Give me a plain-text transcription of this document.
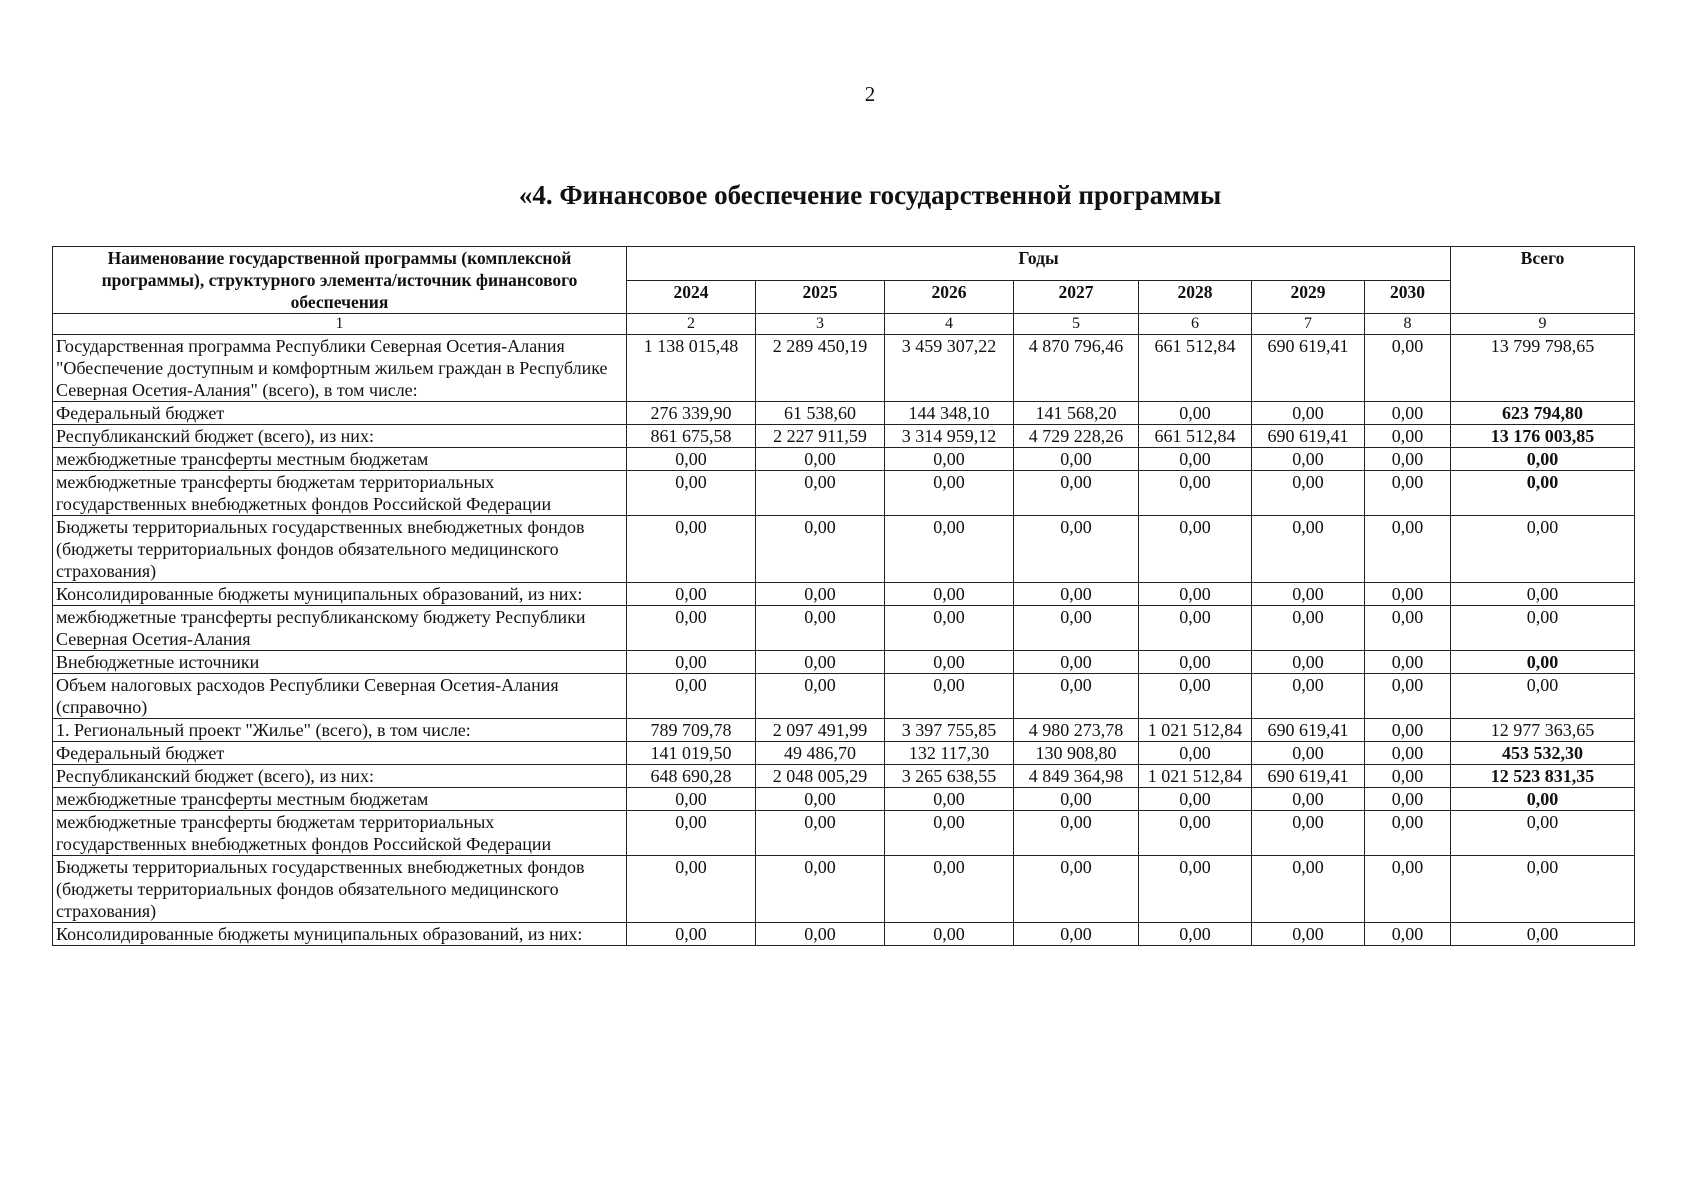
2
«4. Финансовое обеспечение государственной программы
Наименование государственной программы (комплексной программы), структурного элемента/источник финансового обеспечения	Годы							Всего
	2024	2025	2026	2027	2028	2029	2030	
1	2	3	4	5	6	7	8	9
Государственная программа Республики Северная Осетия-Алания "Обеспечение доступным и комфортным жильем граждан в Республике Северная Осетия-Алания" (всего), в том числе:	1 138 015,48	2 289 450,19	3 459 307,22	4 870 796,46	661 512,84	690 619,41	0,00	13 799 798,65
Федеральный бюджет	276 339,90	61 538,60	144 348,10	141 568,20	0,00	0,00	0,00	623 794,80
Республиканский бюджет (всего), из них:	861 675,58	2 227 911,59	3 314 959,12	4 729 228,26	661 512,84	690 619,41	0,00	13 176 003,85
межбюджетные трансферты местным бюджетам	0,00	0,00	0,00	0,00	0,00	0,00	0,00	0,00
межбюджетные трансферты бюджетам территориальных государственных внебюджетных фондов Российской Федерации	0,00	0,00	0,00	0,00	0,00	0,00	0,00	0,00
Бюджеты территориальных государственных внебюджетных фондов (бюджеты территориальных фондов обязательного медицинского страхования)	0,00	0,00	0,00	0,00	0,00	0,00	0,00	0,00
Консолидированные бюджеты муниципальных образований, из них:	0,00	0,00	0,00	0,00	0,00	0,00	0,00	0,00
межбюджетные трансферты республиканскому бюджету Республики Северная Осетия-Алания	0,00	0,00	0,00	0,00	0,00	0,00	0,00	0,00
Внебюджетные источники	0,00	0,00	0,00	0,00	0,00	0,00	0,00	0,00
Объем налоговых расходов Республики Северная Осетия-Алания (справочно)	0,00	0,00	0,00	0,00	0,00	0,00	0,00	0,00
1. Региональный проект "Жилье" (всего), в том числе:	789 709,78	2 097 491,99	3 397 755,85	4 980 273,78	1 021 512,84	690 619,41	0,00	12 977 363,65
Федеральный бюджет	141 019,50	49 486,70	132 117,30	130 908,80	0,00	0,00	0,00	453 532,30
Республиканский бюджет (всего), из них:	648 690,28	2 048 005,29	3 265 638,55	4 849 364,98	1 021 512,84	690 619,41	0,00	12 523 831,35
межбюджетные трансферты местным бюджетам	0,00	0,00	0,00	0,00	0,00	0,00	0,00	0,00
межбюджетные трансферты бюджетам территориальных государственных внебюджетных фондов Российской Федерации	0,00	0,00	0,00	0,00	0,00	0,00	0,00	0,00
Бюджеты территориальных государственных внебюджетных фондов (бюджеты территориальных фондов обязательного медицинского страхования)	0,00	0,00	0,00	0,00	0,00	0,00	0,00	0,00
Консолидированные бюджеты муниципальных образований, из них:	0,00	0,00	0,00	0,00	0,00	0,00	0,00	0,00
